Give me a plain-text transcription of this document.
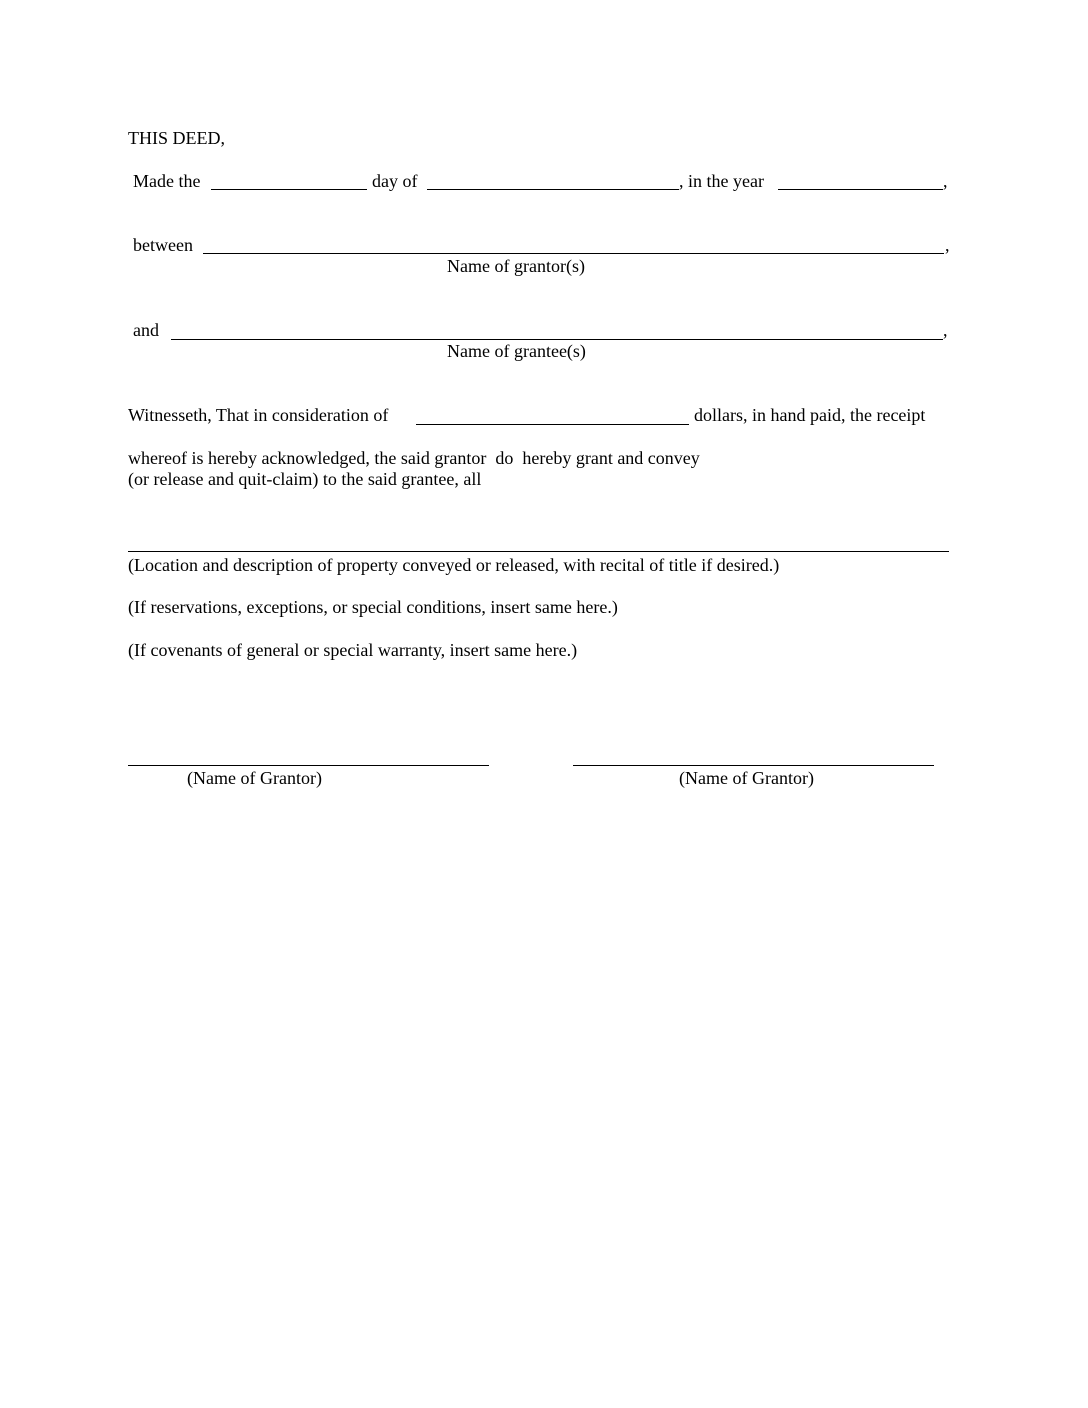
THIS DEED,
Made the	day of	, in the year	,
between	,
Name of grantor(s)
and	,
Name of grantee(s)
Witnesseth, That in consideration of	dollars, in hand paid, the receipt
whereof is hereby acknowledged, the said grantor  do  hereby grant and convey
(or release and quit-claim) to the said grantee, all
(Location and description of property conveyed or released, with recital of title if desired.)
(If reservations, exceptions, or special conditions, insert same here.)
(If covenants of general or special warranty, insert same here.)
(Name of Grantor)	(Name of Grantor)
